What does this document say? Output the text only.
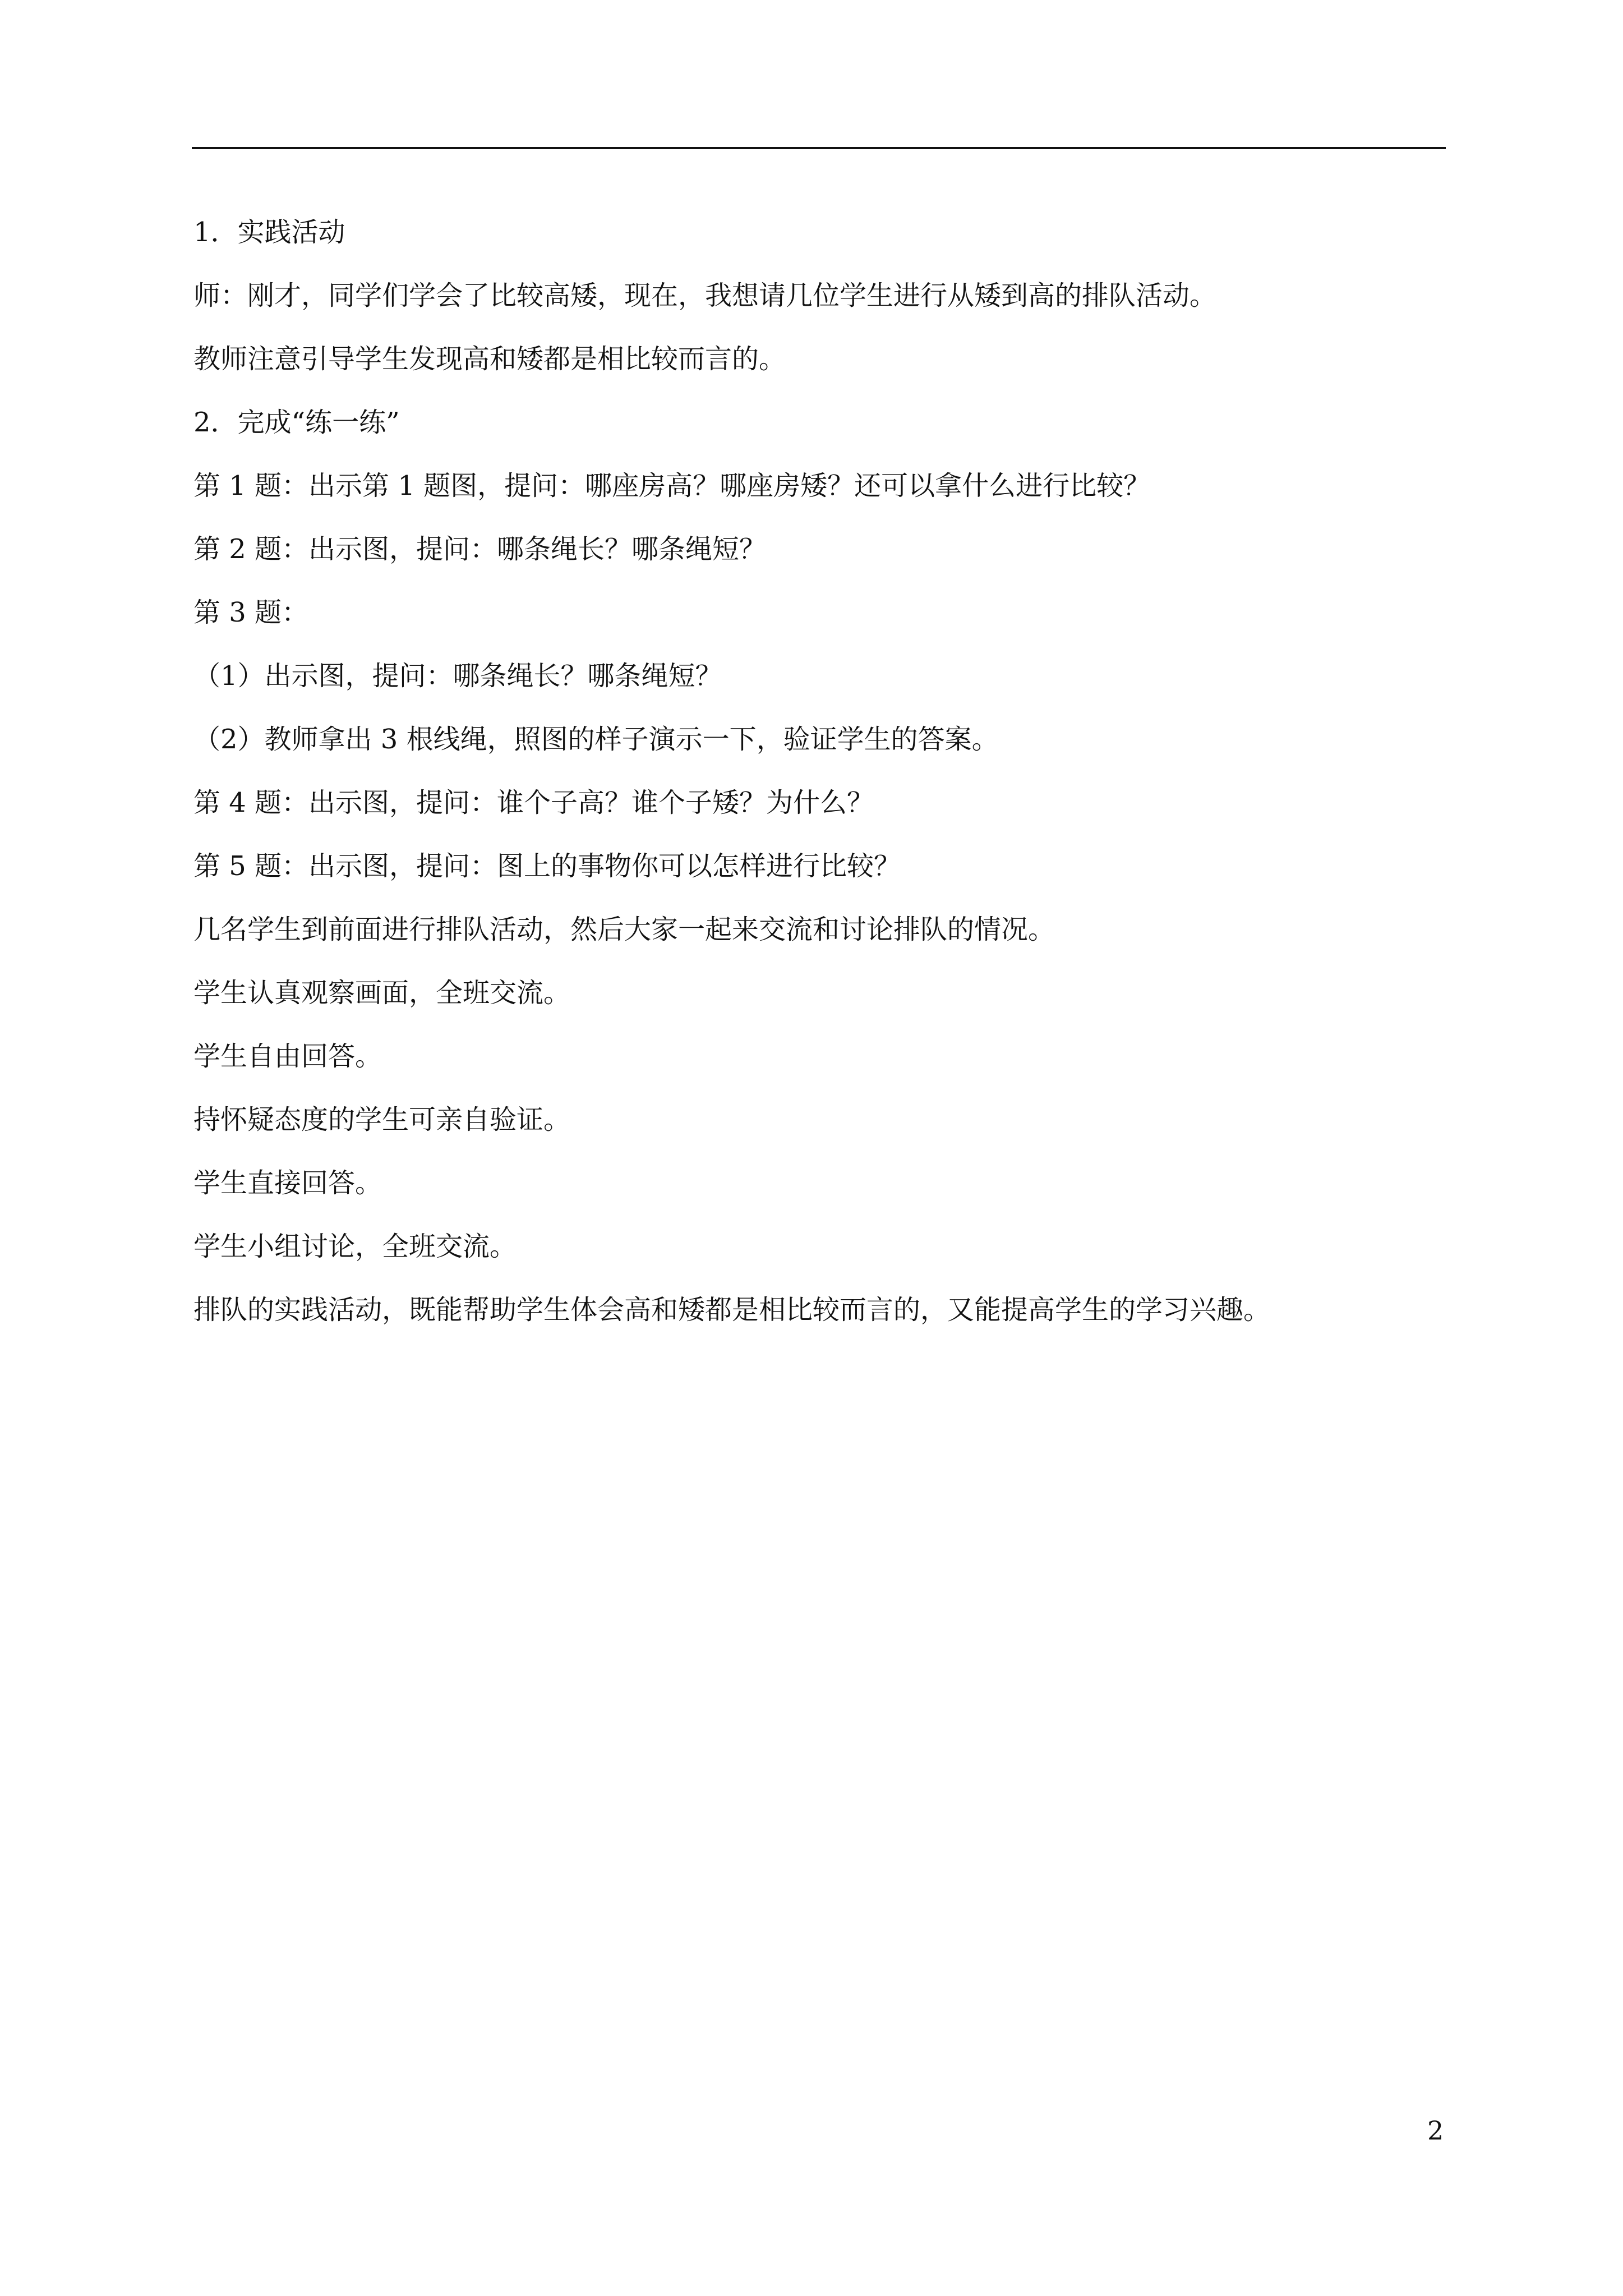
1．实践活动
师：刚才，同学们学会了比较高矮，现在，我想请几位学生进行从矮到高的排队活动。
教师注意引导学生发现高和矮都是相比较而言的。
2．完成“练一练”
第 1 题：出示第 1 题图，提问：哪座房高？哪座房矮？还可以拿什么进行比较？
第 2 题：出示图，提问：哪条绳长？哪条绳短？
第 3 题：
（1）出示图，提问：哪条绳长？哪条绳短？
（2）教师拿出 3 根线绳，照图的样子演示一下，验证学生的答案。
第 4 题：出示图，提问：谁个子高？谁个子矮？为什么？
第 5 题：出示图，提问：图上的事物你可以怎样进行比较？
几名学生到前面进行排队活动，然后大家一起来交流和讨论排队的情况。
学生认真观察画面，全班交流。
学生自由回答。
持怀疑态度的学生可亲自验证。
学生直接回答。
学生小组讨论，全班交流。
排队的实践活动，既能帮助学生体会高和矮都是相比较而言的，又能提高学生的学习兴趣。
2
